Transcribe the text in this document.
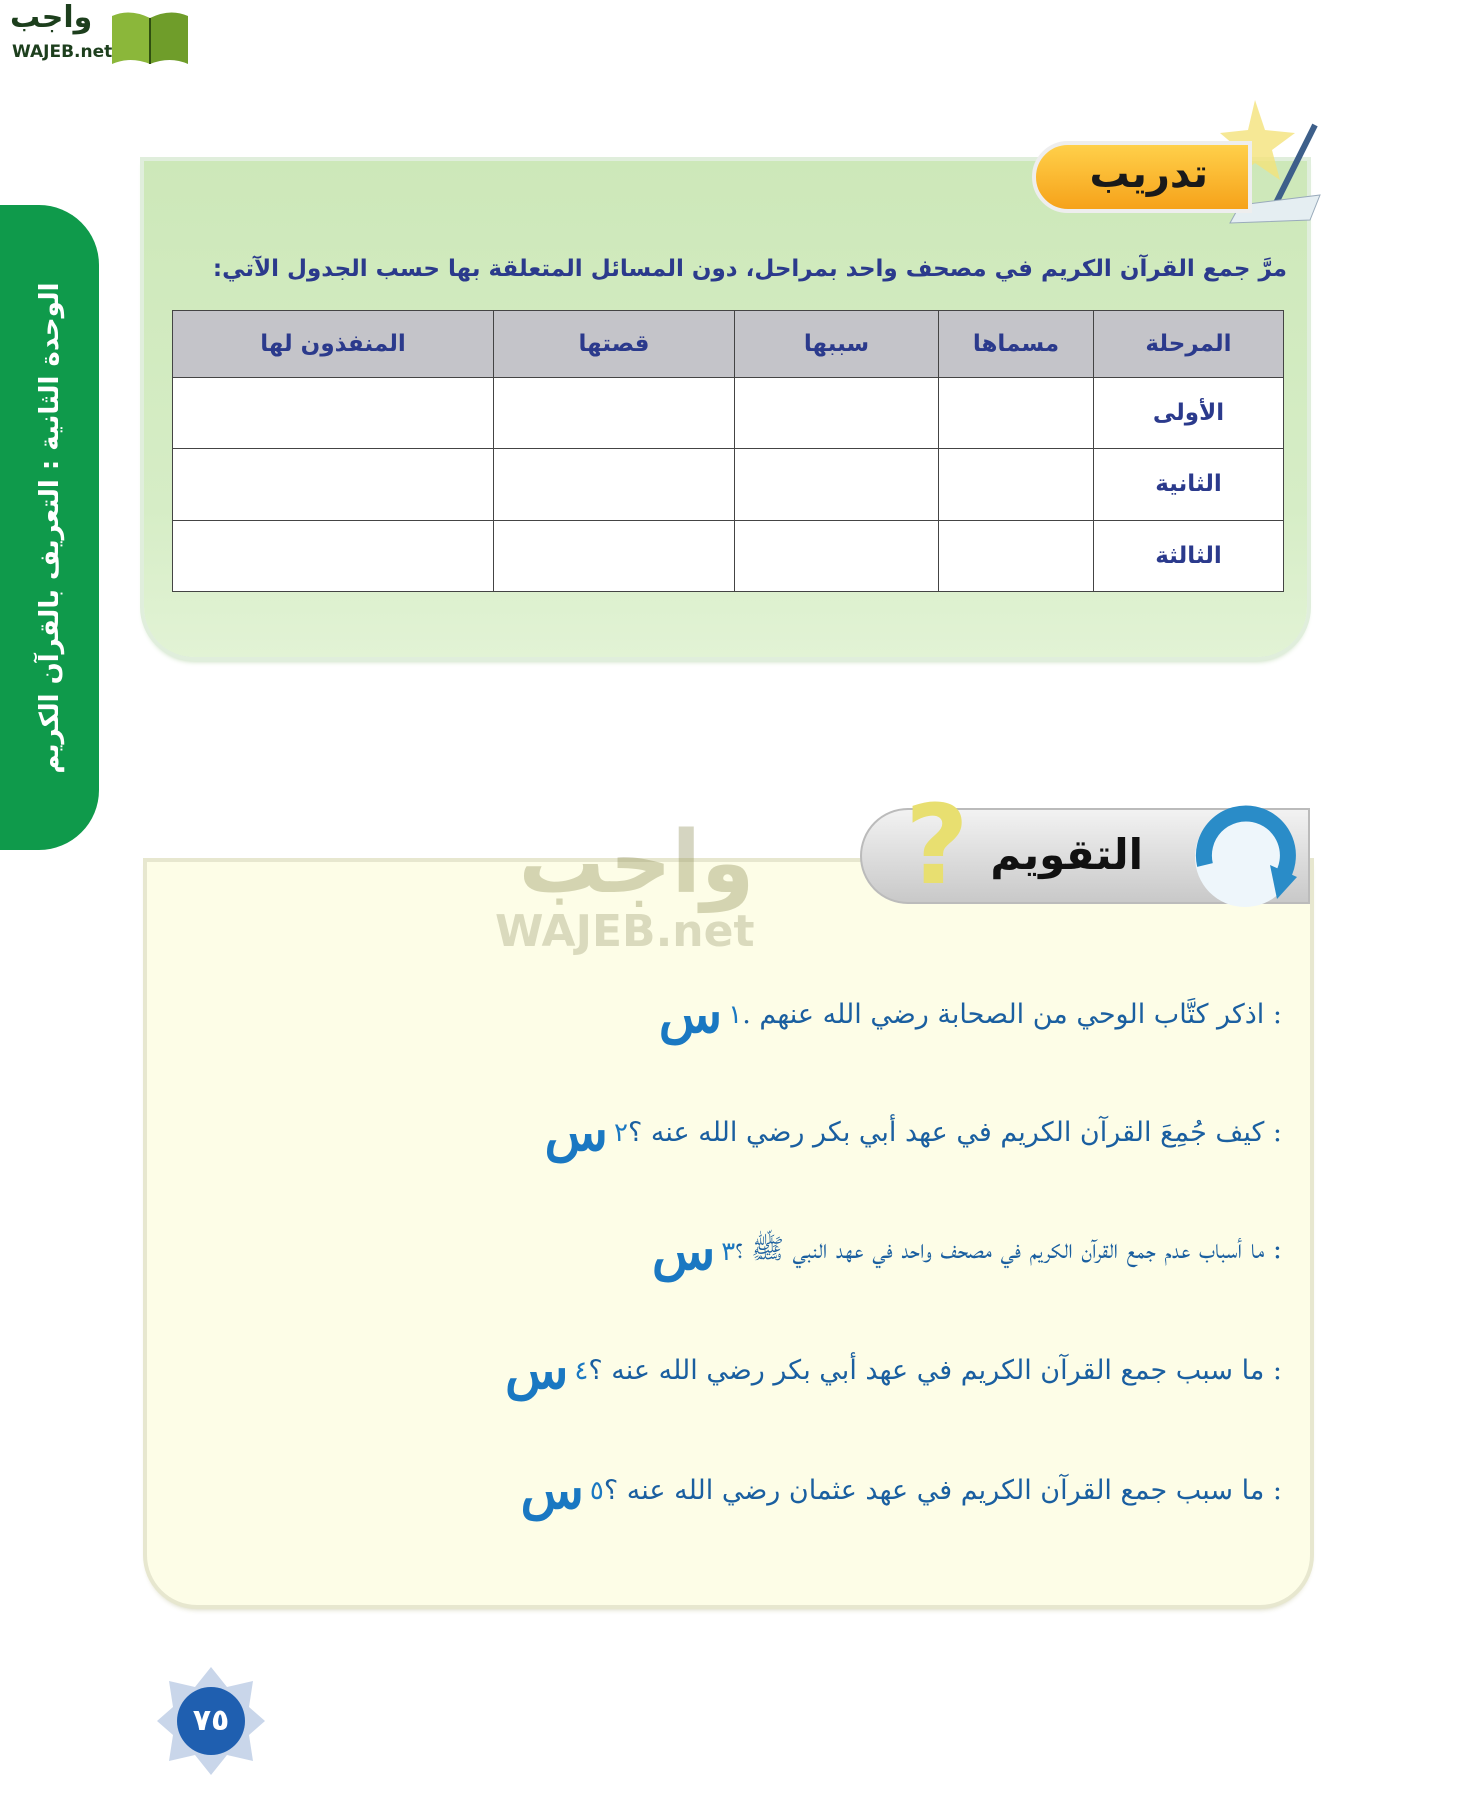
واجب
WAJEB.net
الوحدة الثانية : التعريف بالقرآن الكريم
تدريب
مرَّ جمع القرآن الكريم في مصحف واحد بمراحل، دون المسائل المتعلقة بها حسب الجدول الآتي:
المرحلة	مسماها	سببها	قصتها	المنفذون لها
الأولى				
الثانية				
الثالثة				
واجب
WAJEB.net
التقويم
?
س ١ : اذكر كتَّاب الوحي من الصحابة رضي الله عنهم .
س ٢ : كيف جُمِعَ القرآن الكريم في عهد أبي بكر رضي الله عنه ؟
س ٣ : ما أسباب عدم جمع القرآن الكريم في مصحف واحد في عهد النبي ﷺ ؟
س ٤ : ما سبب جمع القرآن الكريم في عهد أبي بكر رضي الله عنه ؟
س ٥ : ما سبب جمع القرآن الكريم في عهد عثمان رضي الله عنه ؟
٧٥
